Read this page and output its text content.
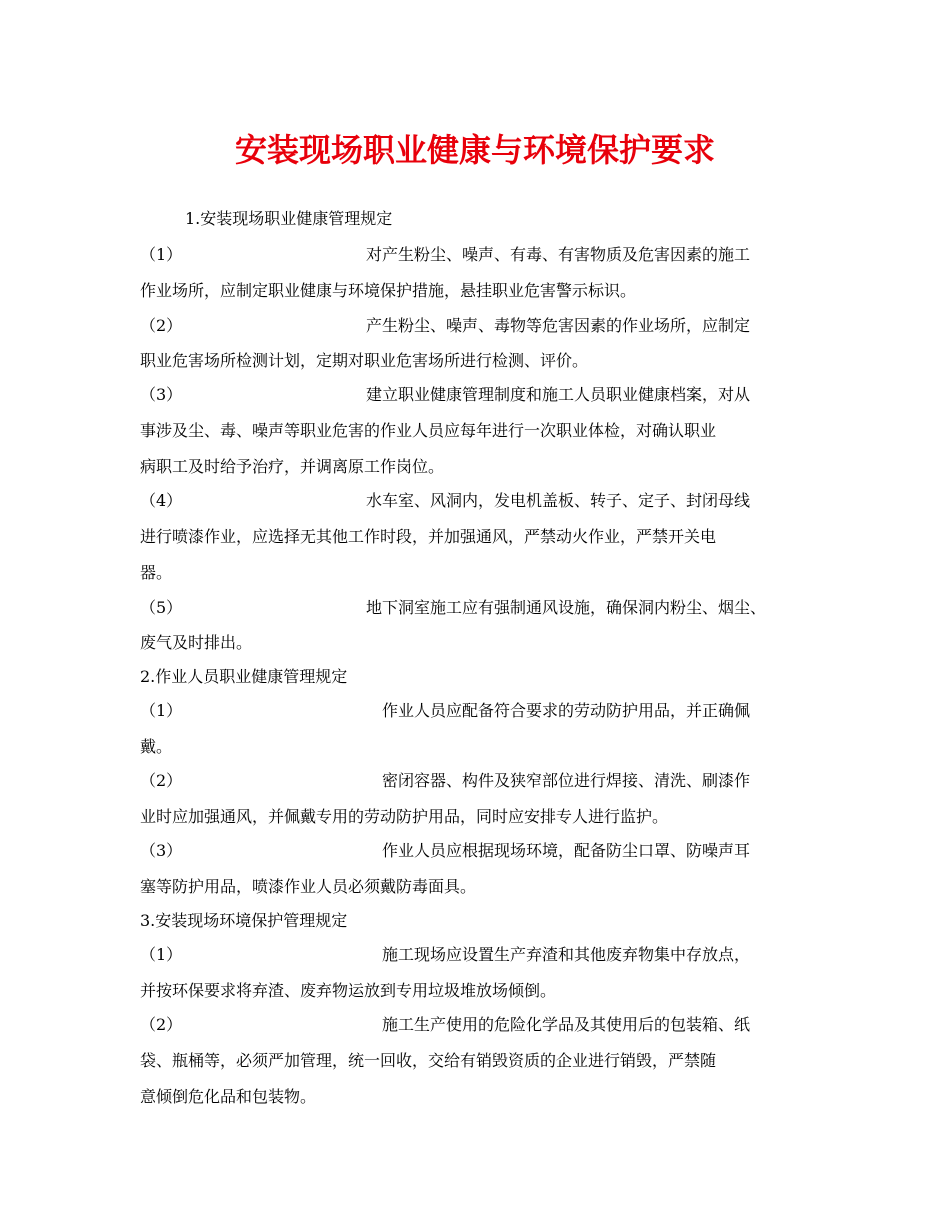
安装现场职业健康与环境保护要求
1.安装现场职业健康管理规定
（1）	对产生粉尘、噪声、有毒、有害物质及危害因素的施工
作业场所，应制定职业健康与环境保护措施，悬挂职业危害警示标识。
（2）	产生粉尘、噪声、毒物等危害因素的作业场所，应制定
职业危害场所检测计划，定期对职业危害场所进行检测、评价。
（3）	建立职业健康管理制度和施工人员职业健康档案，对从
事涉及尘、毒、噪声等职业危害的作业人员应每年进行一次职业体检，对确认职业
病职工及时给予治疗，并调离原工作岗位。
（4）	水车室、风洞内，发电机盖板、转子、定子、封闭母线
进行喷漆作业，应选择无其他工作时段，并加强通风，严禁动火作业，严禁开关电
器。
（5）	地下洞室施工应有强制通风设施，确保洞内粉尘、烟尘、
废气及时排出。
2.作业人员职业健康管理规定
（1）	作业人员应配备符合要求的劳动防护用品，并正确佩
戴。
（2）	密闭容器、构件及狭窄部位进行焊接、清洗、刷漆作
业时应加强通风，并佩戴专用的劳动防护用品，同时应安排专人进行监护。
（3）	作业人员应根据现场环境，配备防尘口罩、防噪声耳
塞等防护用品，喷漆作业人员必须戴防毒面具。
3.安装现场环境保护管理规定
（1）	施工现场应设置生产弃渣和其他废弃物集中存放点，
并按环保要求将弃渣、废弃物运放到专用垃圾堆放场倾倒。
（2）	施工生产使用的危险化学品及其使用后的包装箱、纸
袋、瓶桶等，必须严加管理，统一回收，交给有销毁资质的企业进行销毁，严禁随
意倾倒危化品和包装物。
